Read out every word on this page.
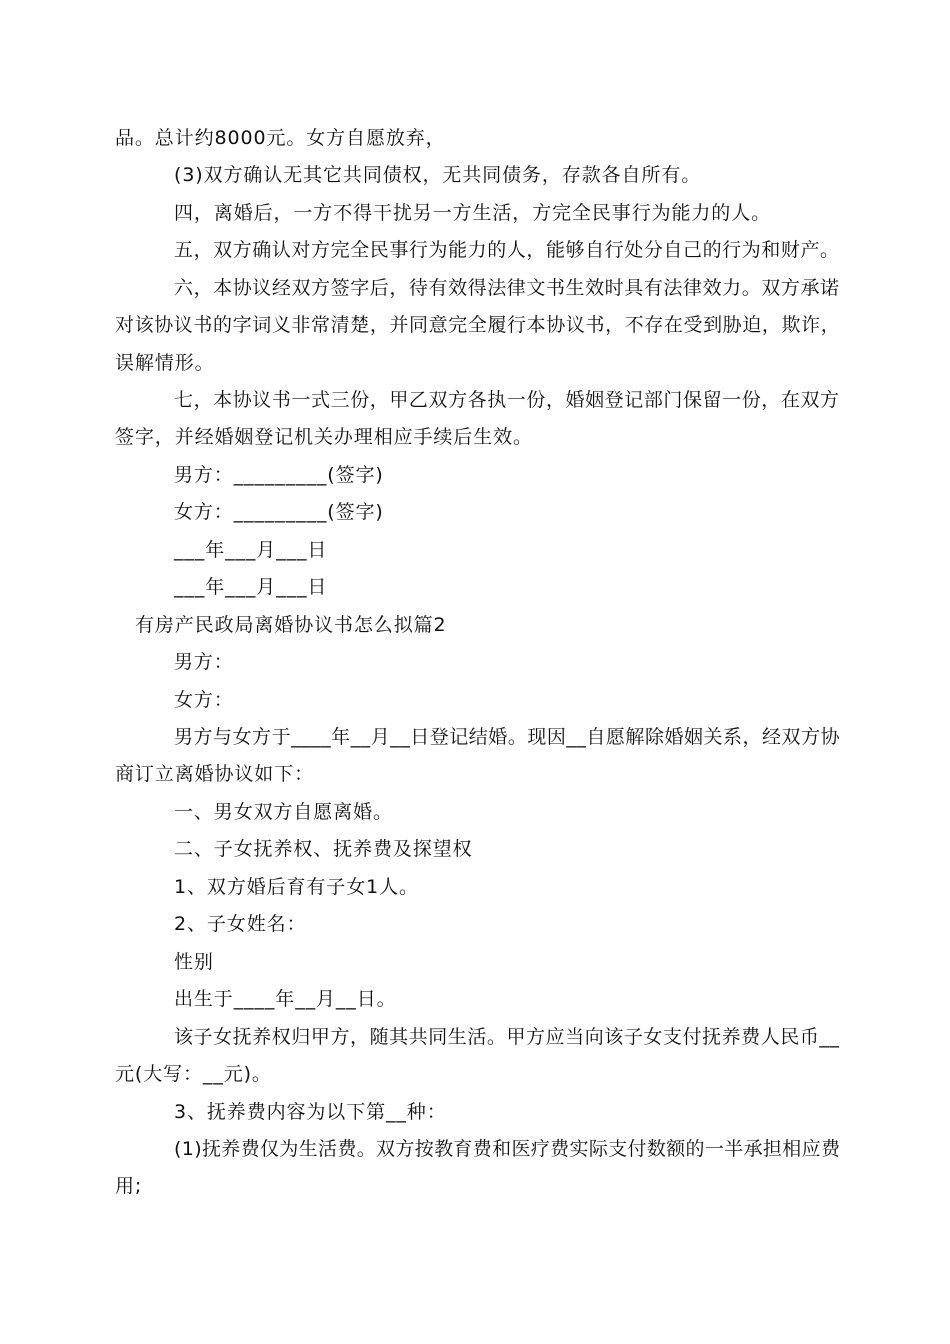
品。总计约8000元。女方自愿放弃，
(3)双方确认无其它共同债权，无共同债务，存款各自所有。
四，离婚后，一方不得干扰另一方生活，方完全民事行为能力的人。
五，双方确认对方完全民事行为能力的人，能够自行处分自己的行为和财产。
六，本协议经双方签字后，待有效得法律文书生效时具有法律效力。双方承诺
对该协议书的字词义非常清楚，并同意完全履行本协议书，不存在受到胁迫，欺诈，
误解情形。
七，本协议书一式三份，甲乙双方各执一份，婚姻登记部门保留一份，在双方
签字，并经婚姻登记机关办理相应手续后生效。
男方：_________(签字)
女方：_________(签字)
___年___月___日
___年___月___日
有房产民政局离婚协议书怎么拟篇2
男方：
女方：
男方与女方于____年__月__日登记结婚。现因__自愿解除婚姻关系，经双方协
商订立离婚协议如下：
一、男女双方自愿离婚。
二、子女抚养权、抚养费及探望权
1、双方婚后育有子女1人。
2、子女姓名：
性别
出生于____年__月__日。
该子女抚养权归甲方，随其共同生活。甲方应当向该子女支付抚养费人民币__
元(大写：__元)。
3、抚养费内容为以下第__种：
(1)抚养费仅为生活费。双方按教育费和医疗费实际支付数额的一半承担相应费
用;
